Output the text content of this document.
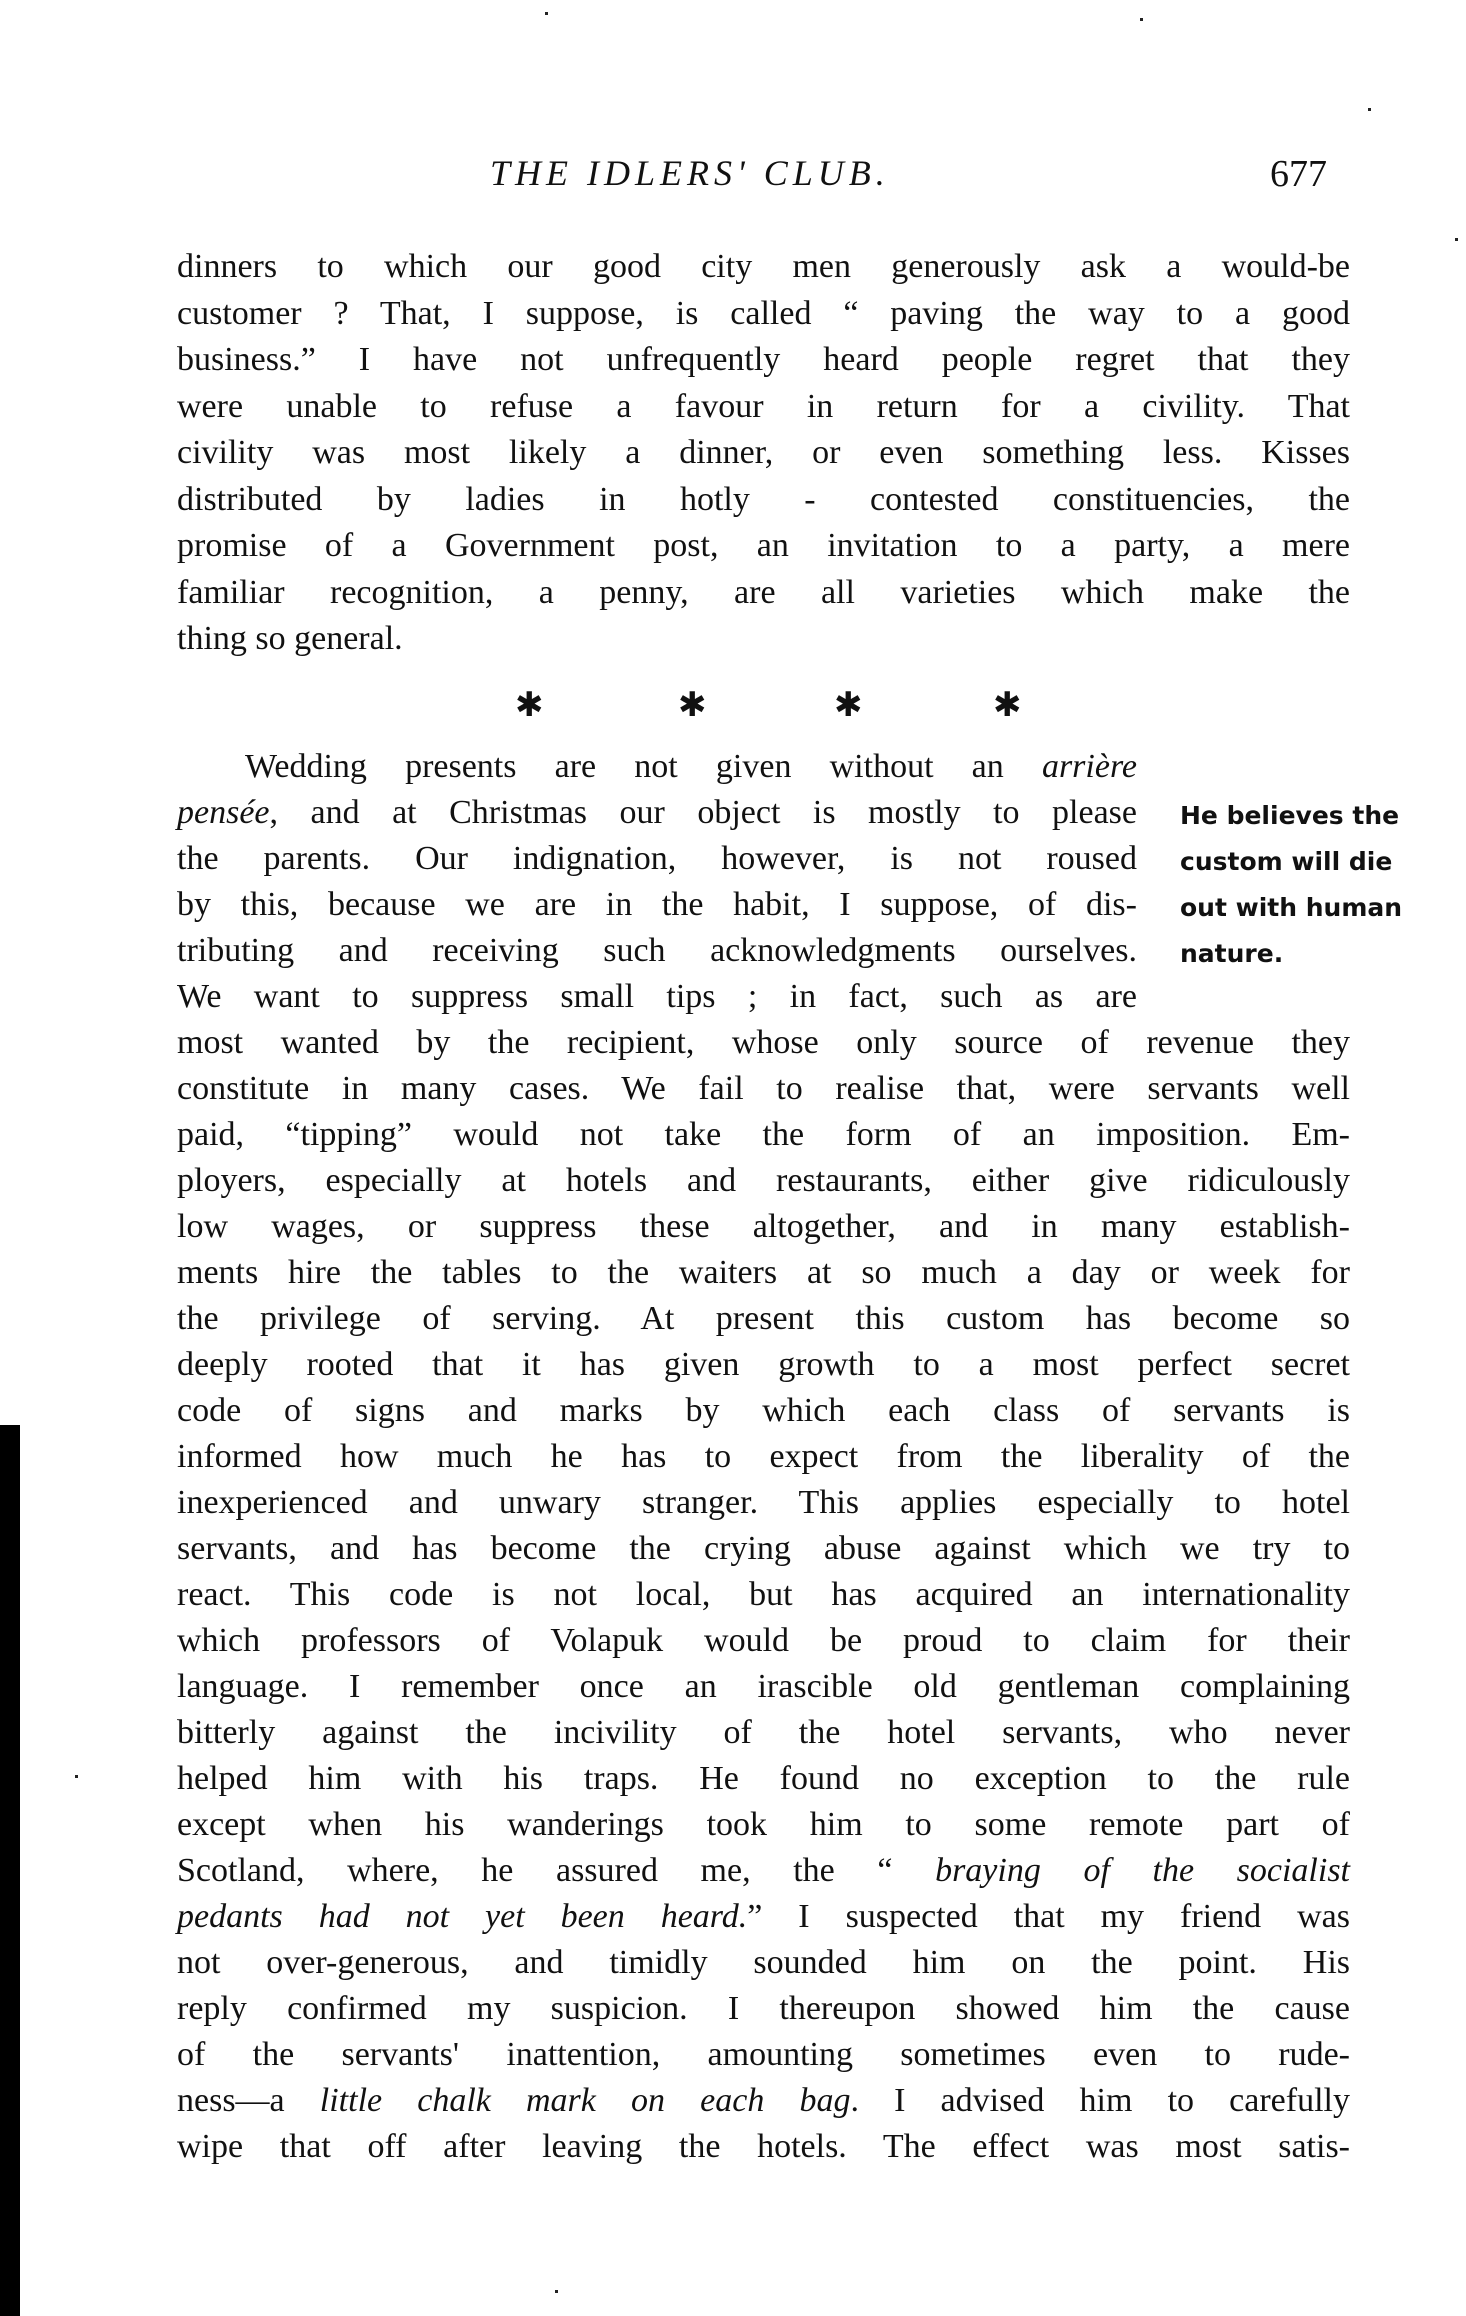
THE IDLERS' CLUB.	677
dinners to which our good city men generously ask a would-be
customer ? That, I suppose, is called “ paving the way to a good
business.” I have not unfrequently heard people regret that they
were unable to refuse a favour in return for a civility. That
civility was most likely a dinner, or even something less. Kisses
distributed by ladies in hotly - contested constituencies, the
promise of a Government post, an invitation to a party, a mere
familiar recognition, a penny, are all varieties which make the
thing so general.
✱	✱	✱	✱
He believes the
custom will die
out with human
nature.
Wedding presents are not given without an arrière
pensée, and at Christmas our object is mostly to please
the parents. Our indignation, however, is not roused
by this, because we are in the habit, I suppose, of dis-
tributing and receiving such acknowledgments ourselves.
We want to suppress small tips ; in fact, such as are
most wanted by the recipient, whose only source of revenue they
constitute in many cases. We fail to realise that, were servants well
paid, “tipping” would not take the form of an imposition. Em-
ployers, especially at hotels and restaurants, either give ridiculously
low wages, or suppress these altogether, and in many establish-
ments hire the tables to the waiters at so much a day or week for
the privilege of serving. At present this custom has become so
deeply rooted that it has given growth to a most perfect secret
code of signs and marks by which each class of servants is
informed how much he has to expect from the liberality of the
inexperienced and unwary stranger. This applies especially to hotel
servants, and has become the crying abuse against which we try to
react. This code is not local, but has acquired an internationality
which professors of Volapuk would be proud to claim for their
language. I remember once an irascible old gentleman complaining
bitterly against the incivility of the hotel servants, who never
helped him with his traps. He found no exception to the rule
except when his wanderings took him to some remote part of
Scotland, where, he assured me, the “ braying of the socialist
pedants had not yet been heard.” I suspected that my friend was
not over-generous, and timidly sounded him on the point. His
reply confirmed my suspicion. I thereupon showed him the cause
of the servants' inattention, amounting sometimes even to rude-
ness—a little chalk mark on each bag. I advised him to carefully
wipe that off after leaving the hotels. The effect was most satis-
